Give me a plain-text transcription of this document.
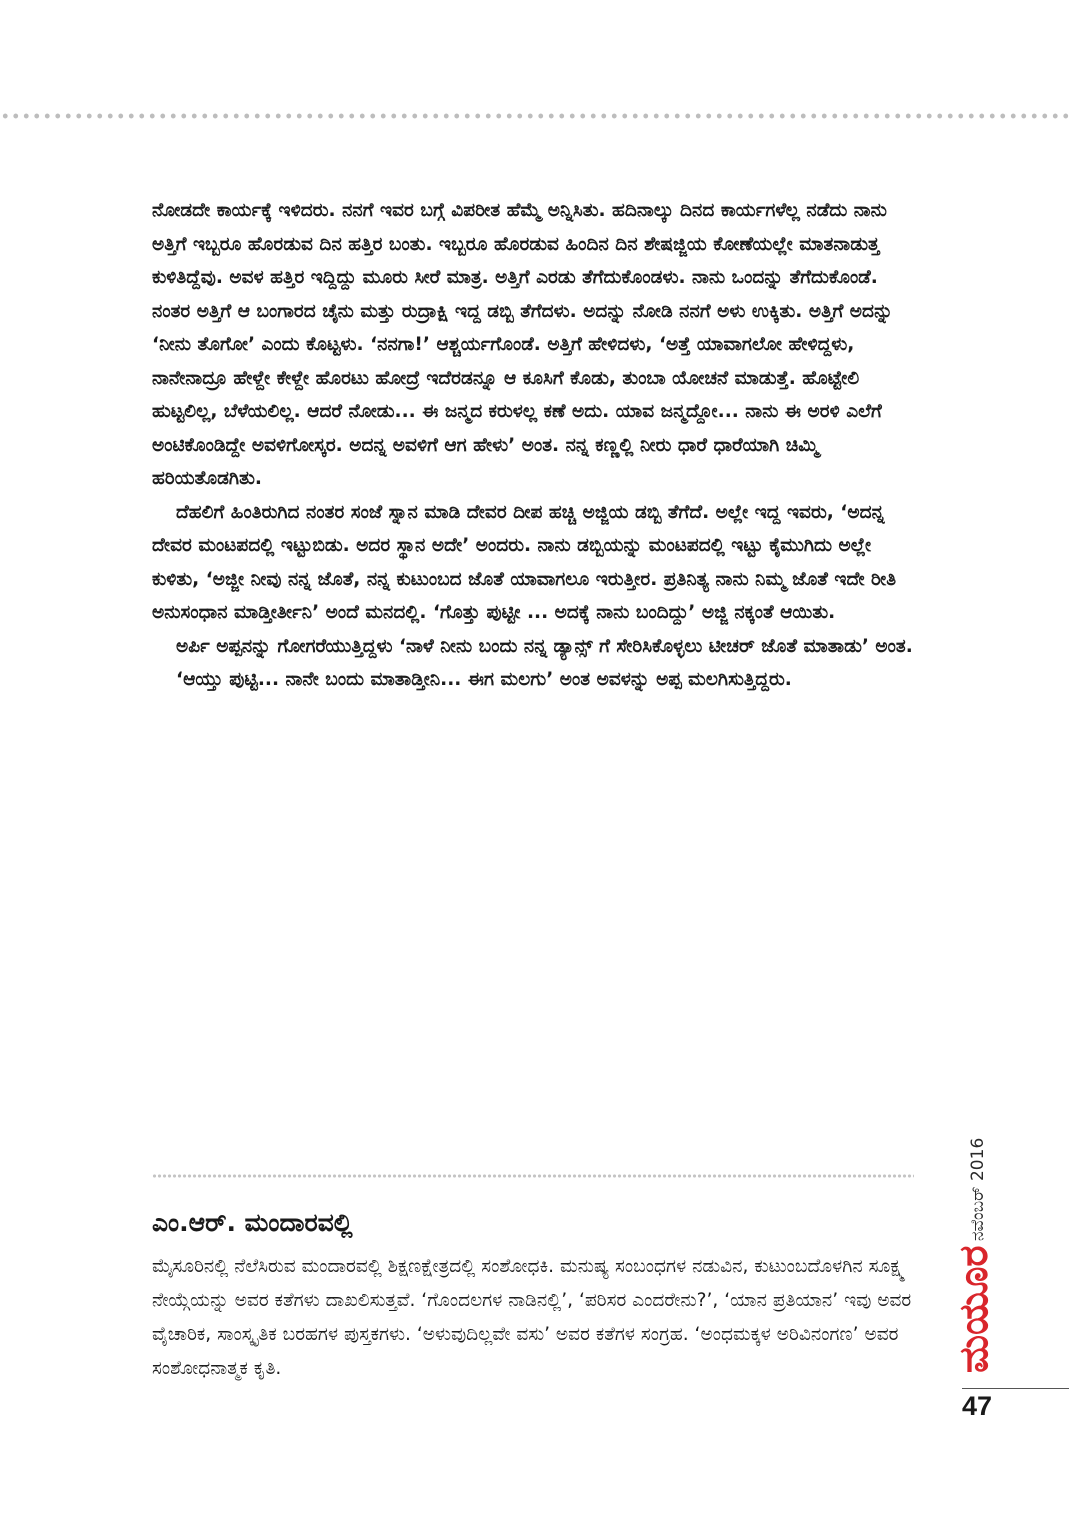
ನೋಡದೇ ಕಾರ್ಯಕ್ಕೆ ಇಳಿದರು. ನನಗೆ ಇವರ ಬಗ್ಗೆ ವಿಪರೀತ ಹೆಮ್ಮೆ ಅನ್ನಿಸಿತು. ಹದಿನಾಲ್ಕು ದಿನದ ಕಾರ್ಯಗಳೆಲ್ಲ ನಡೆದು ನಾನು ಅತ್ತಿಗೆ ಇಬ್ಬರೂ ಹೊರಡುವ ದಿನ ಹತ್ತಿರ ಬಂತು. ಇಬ್ಬರೂ ಹೊರಡುವ ಹಿಂದಿನ ದಿನ ಶೇಷಜ್ಜಿಯ ಕೋಣೆಯಲ್ಲೇ ಮಾತನಾಡುತ್ತ ಕುಳಿತಿದ್ದೆವು. ಅವಳ ಹತ್ತಿರ ಇದ್ದಿದ್ದು ಮೂರು ಸೀರೆ ಮಾತ್ರ. ಅತ್ತಿಗೆ ಎರಡು ತೆಗೆದುಕೊಂಡಳು. ನಾನು ಒಂದನ್ನು ತೆಗೆದುಕೊಂಡೆ. ನಂತರ ಅತ್ತಿಗೆ ಆ ಬಂಗಾರದ ಚೈನು ಮತ್ತು ರುದ್ರಾಕ್ಷಿ ಇದ್ದ ಡಬ್ಬಿ ತೆಗೆದಳು. ಅದನ್ನು ನೋಡಿ ನನಗೆ ಅಳು ಉಕ್ಕಿತು. ಅತ್ತಿಗೆ ಅದನ್ನು ‘ನೀನು ತೊಗೋ’ ಎಂದು ಕೊಟ್ಟಳು. ‘ನನಗಾ!’ ಆಶ್ಚರ್ಯಗೊಂಡೆ. ಅತ್ತಿಗೆ ಹೇಳಿದಳು, ‘ಅತ್ತೆ ಯಾವಾಗಲೋ ಹೇಳಿದ್ದಳು, ನಾನೇನಾದ್ರೂ ಹೇಳ್ದೇ ಕೇಳ್ದೇ ಹೊರಟು ಹೋದ್ರೆ ಇದೆರಡನ್ನೂ ಆ ಕೂಸಿಗೆ ಕೊಡು, ತುಂಬಾ ಯೋಚನೆ ಮಾಡುತ್ತೆ. ಹೊಟ್ಟೇಲಿ ಹುಟ್ಟಲಿಲ್ಲ, ಬೆಳೆಯಲಿಲ್ಲ. ಆದರೆ ನೋಡು... ಈ ಜನ್ಮದ ಕರುಳಲ್ಲ ಕಣೆ ಅದು. ಯಾವ ಜನ್ಮದ್ದೋ... ನಾನು ಈ ಅರಳಿ ಎಲೆಗೆ ಅಂಟಿಕೊಂಡಿದ್ದೇ ಅವಳಿಗೋಸ್ಕರ. ಅದನ್ನ ಅವಳಿಗೆ ಆಗ ಹೇಳು’ ಅಂತ. ನನ್ನ ಕಣ್ಣಲ್ಲಿ ನೀರು ಧಾರೆ ಧಾರೆಯಾಗಿ ಚಿಮ್ಮಿ ಹರಿಯತೊಡಗಿತು.

ದೆಹಲಿಗೆ ಹಿಂತಿರುಗಿದ ನಂತರ ಸಂಜೆ ಸ್ನಾನ ಮಾಡಿ ದೇವರ ದೀಪ ಹಚ್ಚಿ ಅಜ್ಜಿಯ ಡಬ್ಬಿ ತೆಗೆದೆ. ಅಲ್ಲೇ ಇದ್ದ ಇವರು, ‘ಅದನ್ನ ದೇವರ ಮಂಟಪದಲ್ಲಿ ಇಟ್ಟುಬಿಡು. ಅದರ ಸ್ಥಾನ ಅದೇ’ ಅಂದರು. ನಾನು ಡಬ್ಬಿಯನ್ನು ಮಂಟಪದಲ್ಲಿ ಇಟ್ಟು ಕೈಮುಗಿದು ಅಲ್ಲೇ ಕುಳಿತು, ‘ಅಜ್ಜೀ ನೀವು ನನ್ನ ಜೊತೆ, ನನ್ನ ಕುಟುಂಬದ ಜೊತೆ ಯಾವಾಗಲೂ ಇರುತ್ತೀರ. ಪ್ರತಿನಿತ್ಯ ನಾನು ನಿಮ್ಮ ಜೊತೆ ಇದೇ ರೀತಿ ಅನುಸಂಧಾನ ಮಾಡ್ತೀರ್ತೀನಿ’ ಅಂದೆ ಮನದಲ್ಲಿ. ‘ಗೊತ್ತು ಪುಟ್ಟೀ ... ಅದಕ್ಕೆ ನಾನು ಬಂದಿದ್ದು’ ಅಜ್ಜಿ ನಕ್ಕಂತೆ ಆಯಿತು.

ಅರ್ಪಿ ಅಪ್ಪನನ್ನು ಗೋಗರೆಯುತ್ತಿದ್ದಳು ‘ನಾಳೆ ನೀನು ಬಂದು ನನ್ನ ಡ್ಯಾನ್ಸ್ ಗೆ ಸೇರಿಸಿಕೊಳ್ಳಲು ಟೀಚರ್ ಜೊತೆ ಮಾತಾಡು’ ಅಂತ.

‘ಆಯ್ತು ಪುಟ್ಟಿ... ನಾನೇ ಬಂದು ಮಾತಾಡ್ತೀನಿ... ಈಗ ಮಲಗು’ ಅಂತ ಅವಳನ್ನು ಅಪ್ಪ ಮಲಗಿಸುತ್ತಿದ್ದರು.

ಎಂ.ಆರ್. ಮಂದಾರವಲ್ಲಿ

ಮೈಸೂರಿನಲ್ಲಿ ನೆಲೆಸಿರುವ ಮಂದಾರವಲ್ಲಿ ಶಿಕ್ಷಣಕ್ಷೇತ್ರದಲ್ಲಿ ಸಂಶೋಧಕಿ. ಮನುಷ್ಯ ಸಂಬಂಧಗಳ ನಡುವಿನ, ಕುಟುಂಬದೊಳಗಿನ ಸೂಕ್ಷ್ಮ ನೇಯ್ಗೆಯನ್ನು ಅವರ ಕತೆಗಳು ದಾಖಲಿಸುತ್ತವೆ. ‘ಗೊಂದಲಗಳ ನಾಡಿನಲ್ಲಿ’, ‘ಪರಿಸರ ಎಂದರೇನು?’, ‘ಯಾನ ಪ್ರತಿಯಾನ’ ಇವು ಅವರ ವೈಚಾರಿಕ, ಸಾಂಸ್ಕೃತಿಕ ಬರಹಗಳ ಪುಸ್ತಕಗಳು. ‘ಅಳುವುದಿಲ್ಲವೇ ವಸು’ ಅವರ ಕತೆಗಳ ಸಂಗ್ರಹ. ‘ಅಂಧಮಕ್ಕಳ ಅರಿವಿನಂಗಣ’ ಅವರ ಸಂಶೋಧನಾತ್ಮಕ ಕೃತಿ.

ನವೆಂಬರ್ 2016
ಮಯೂರ
47
